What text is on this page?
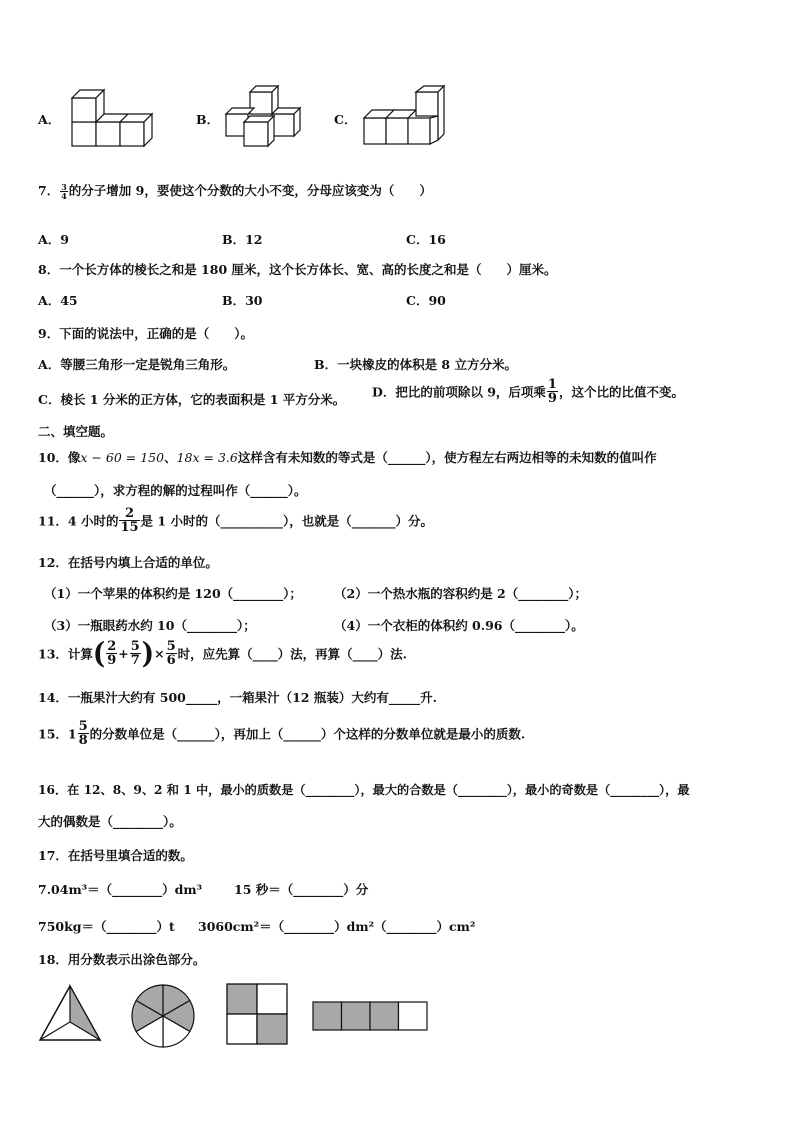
A．	B．	C．
7． $\frac{3}{4}$ 的分子增加 9，要使这个分数的大小不变，分母应该变为（　　）
A．9	B．12	C．16
8．一个长方体的棱长之和是 180 厘米，这个长方体长、宽、高的长度之和是（　　）厘米。
A．45	B．30	C．90
9．下面的说法中，正确的是（　　）。
A．等腰三角形一定是锐角三角形。	B．一块橡皮的体积是 8 立方分米。
C．棱长 1 分米的正方体，它的表面积是 1 平方分米。 D．把比的前项除以 9，后项乘 $\frac{1}{9}$ ，这个比的比值不变。
二、填空题。
10．像x − 60 = 150、18x = 3.6这样含有未知数的等式是（______），使方程左右两边相等的未知数的值叫作
（______），求方程的解的过程叫作（______）。
11．4 小时的 $\frac{2}{15}$ 是 1 小时的（__________），也就是（_______）分。
12．在括号内填上合适的单位。
（1）一个苹果的体积约是 120（________）；	（2）一个热水瓶的容积约是 2（________）；
（3）一瓶眼药水约 10（________）；	（4）一个衣柜的体积约 0.96（________）。
13．计算( $\frac{2}{9} + \frac{5}{7}$ )× $\frac{5}{6}$ 时，应先算（____）法，再算（____）法.
14．一瓶果汁大约有 500_____，一箱果汁（12 瓶装）大约有_____升.
15．$1 \frac{5}{8}$ 的分数单位是（______），再加上（______）个这样的分数单位就是最小的质数.
16．在 12、8、9、2 和 1 中，最小的质数是（________），最大的合数是（________），最小的奇数是（________），最
大的偶数是（________）。
17．在括号里填合适的数。
7.04m³＝（________）dm³	15 秒＝（________）分
750kg＝（________）t 3060cm²＝（________）dm²（________）cm²
18．用分数表示出涂色部分。
